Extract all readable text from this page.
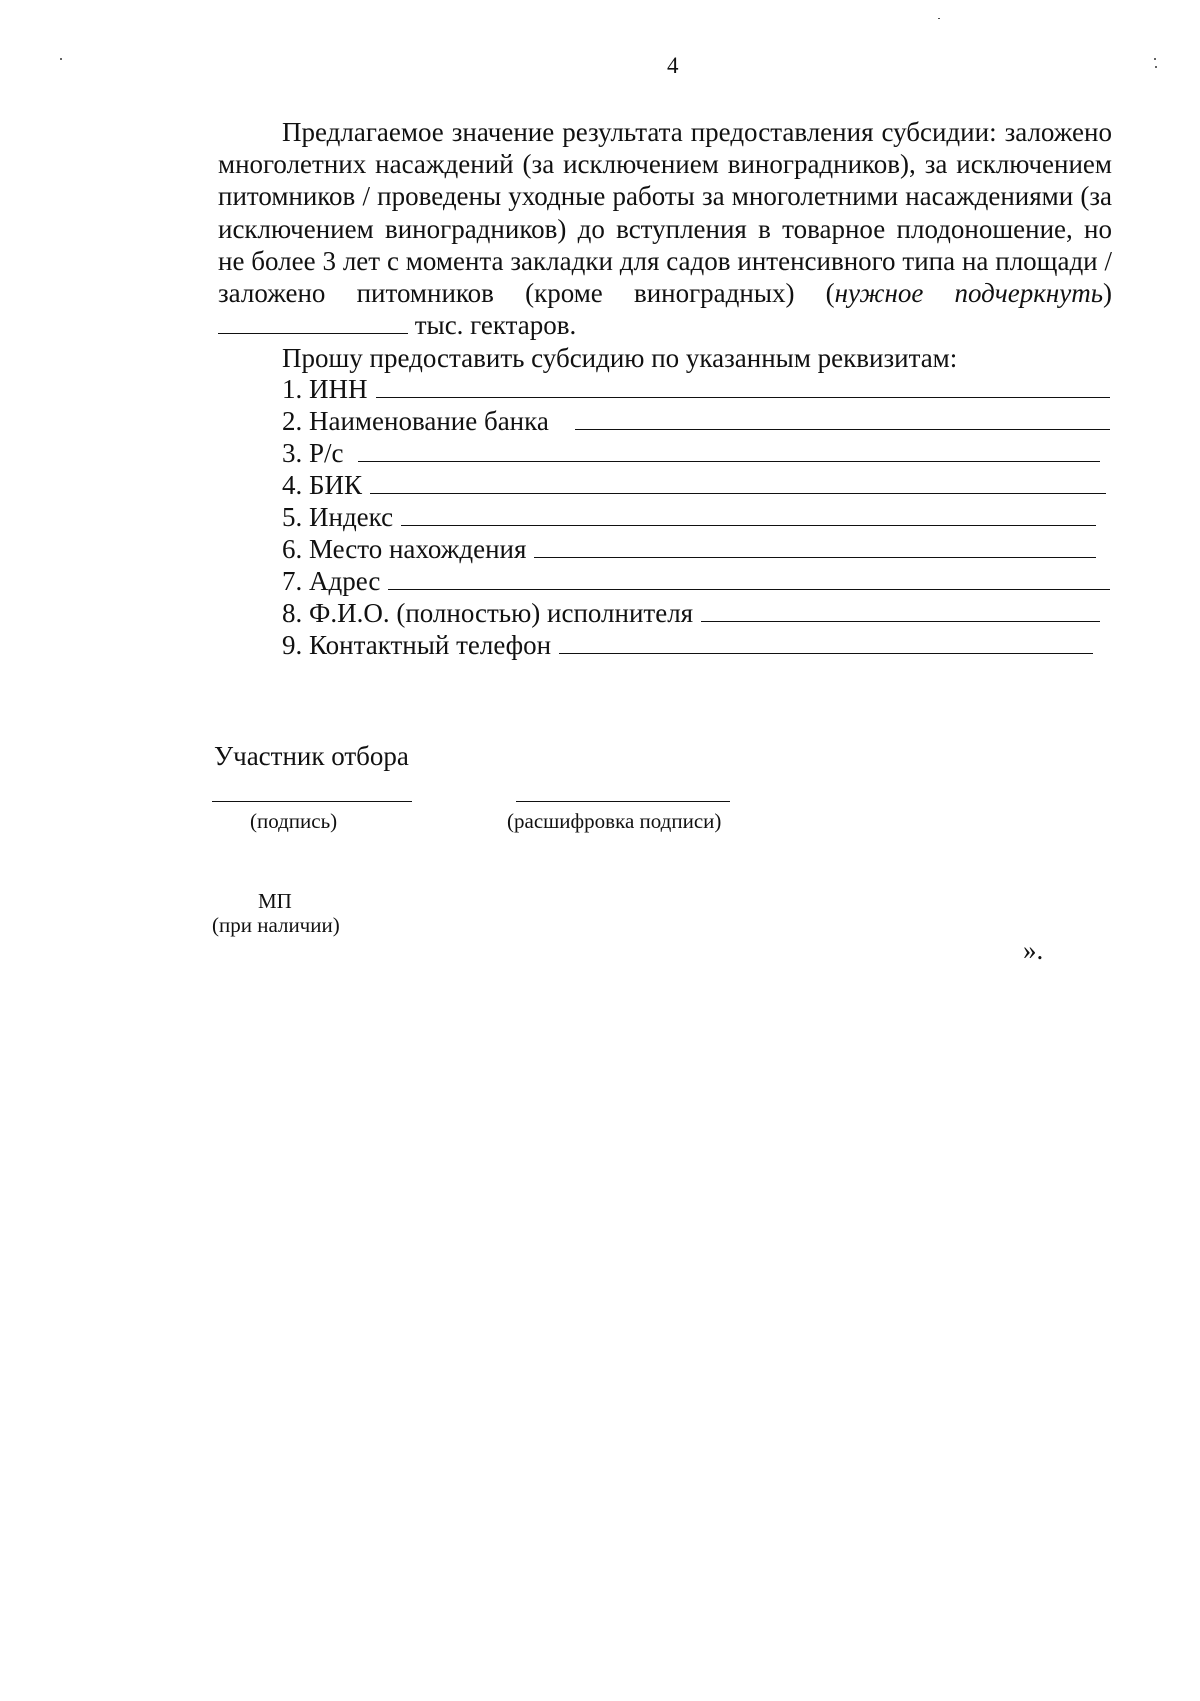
4
Предлагаемое значение результата предоставления субсидии: заложено многолетних насаждений (за исключением виноградников), за исключением питомников / проведены уходные работы за многолетними насаждениями (за исключением виноградников) до вступления в товарное плодоношение, но не более 3 лет с момента закладки для садов интенсивного типа на площади / заложено питомников (кроме виноградных) (нужное подчеркнуть)  тыс. гектаров.
Прошу предоставить субсидию по указанным реквизитам:
1. ИНН
2. Наименование банка
3. Р/с
4. БИК
5. Индекс
6. Место нахождения
7. Адрес
8. Ф.И.О. (полностью) исполнителя
9. Контактный телефон
Участник отбора
(подпись)	(расшифровка подписи)
МП
(при наличии)
».
